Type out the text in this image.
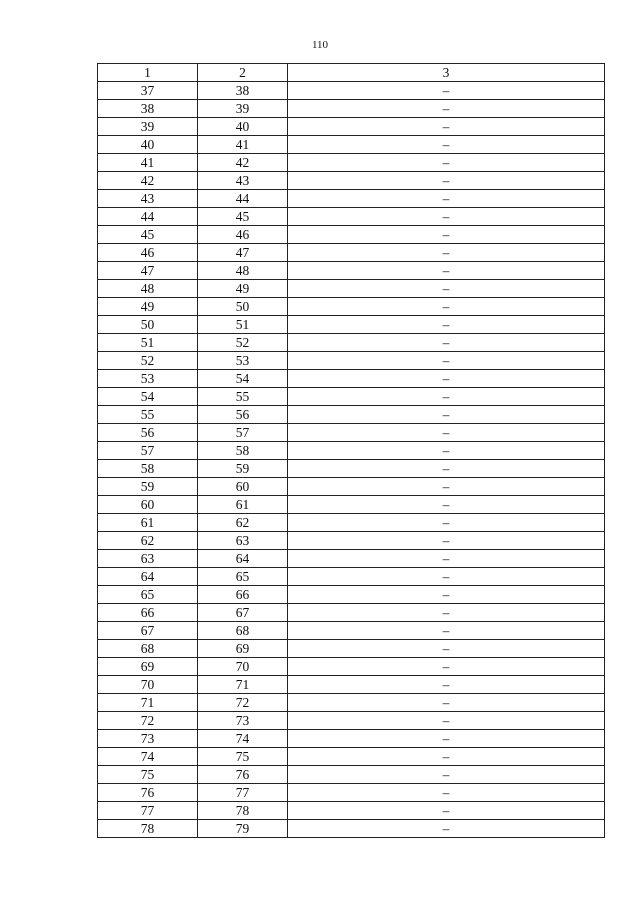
110
1	2	3
37	38	–
38	39	–
39	40	–
40	41	–
41	42	–
42	43	–
43	44	–
44	45	–
45	46	–
46	47	–
47	48	–
48	49	–
49	50	–
50	51	–
51	52	–
52	53	–
53	54	–
54	55	–
55	56	–
56	57	–
57	58	–
58	59	–
59	60	–
60	61	–
61	62	–
62	63	–
63	64	–
64	65	–
65	66	–
66	67	–
67	68	–
68	69	–
69	70	–
70	71	–
71	72	–
72	73	–
73	74	–
74	75	–
75	76	–
76	77	–
77	78	–
78	79	–
